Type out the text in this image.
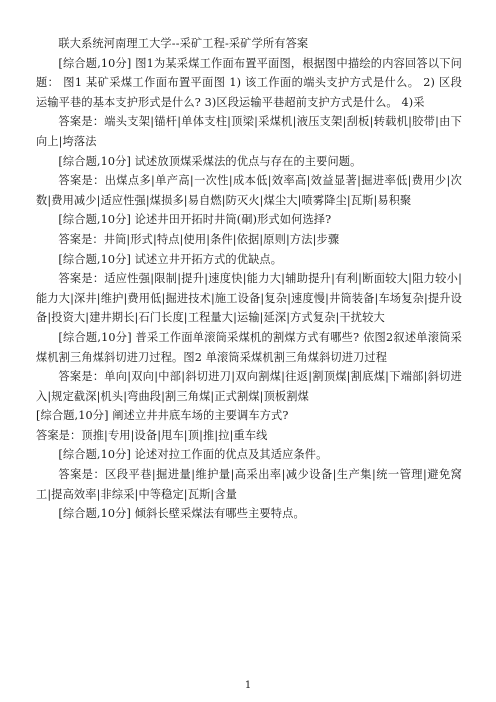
联大系统河南理工大学--采矿工程-采矿学所有答案

[综合题,10分] 图1为某采煤工作面布置平面图，根据图中描绘的内容回答以下问题： 图1 某矿采煤工作面布置平面图 1) 该工作面的端头支护方式是什么。 2) 区段运输平巷的基本支护形式是什么? 3)区段运输平巷超前支护方式是什么。 4)采

答案是：端头支架|锚杆|单体支柱|顶梁|采煤机|液压支架|刮板|转载机|胶带|由下向上|垮落法

[综合题,10分] 试述放顶煤采煤法的优点与存在的主要问题。

答案是：出煤点多|单产高|一次性|成本低|效率高|效益显著|掘进率低|费用少|次数|费用减少|适应性强|煤损多|易自燃|防灭火|煤尘大|喷雾降尘|瓦斯|易积聚

[综合题,10分] 论述井田开拓时井筒(硐)形式如何选择?

答案是：井筒|形式|特点|使用|条件|依据|原则|方法|步骤

[综合题,10分] 试述立井开拓方式的优缺点。

答案是：适应性强|限制|提升|速度快|能力大|辅助提升|有利|断面较大|阻力较小|能力大|深井|维护|费用低|掘进技术|施工设备|复杂|速度慢|井筒装备|车场复杂|提升设备|投资大|建井期长|石门长度|工程量大|运输|延深|方式复杂|干扰较大

[综合题,10分] 普采工作面单滚筒采煤机的割煤方式有哪些? 依图2叙述单滚筒采煤机割三角煤斜切进刀过程。图2 单滚筒采煤机割三角煤斜切进刀过程

答案是：单向|双向|中部|斜切进刀|双向割煤|往返|割顶煤|割底煤|下端部|斜切进入|规定截深|机头|弯曲段|割三角煤|正式割煤|顶板割煤

[综合题,10分] 阐述立井井底车场的主要调车方式?

答案是：顶推|专用|设备|甩车|顶|推|拉|重车线

[综合题,10分] 论述对拉工作面的优点及其适应条件。

答案是：区段平巷|掘进量|维护量|高采出率|减少设备|生产集|统一管理|避免窝工|提高效率|非综采|中等稳定|瓦斯|含量

[综合题,10分] 倾斜长壁采煤法有哪些主要特点。

1
